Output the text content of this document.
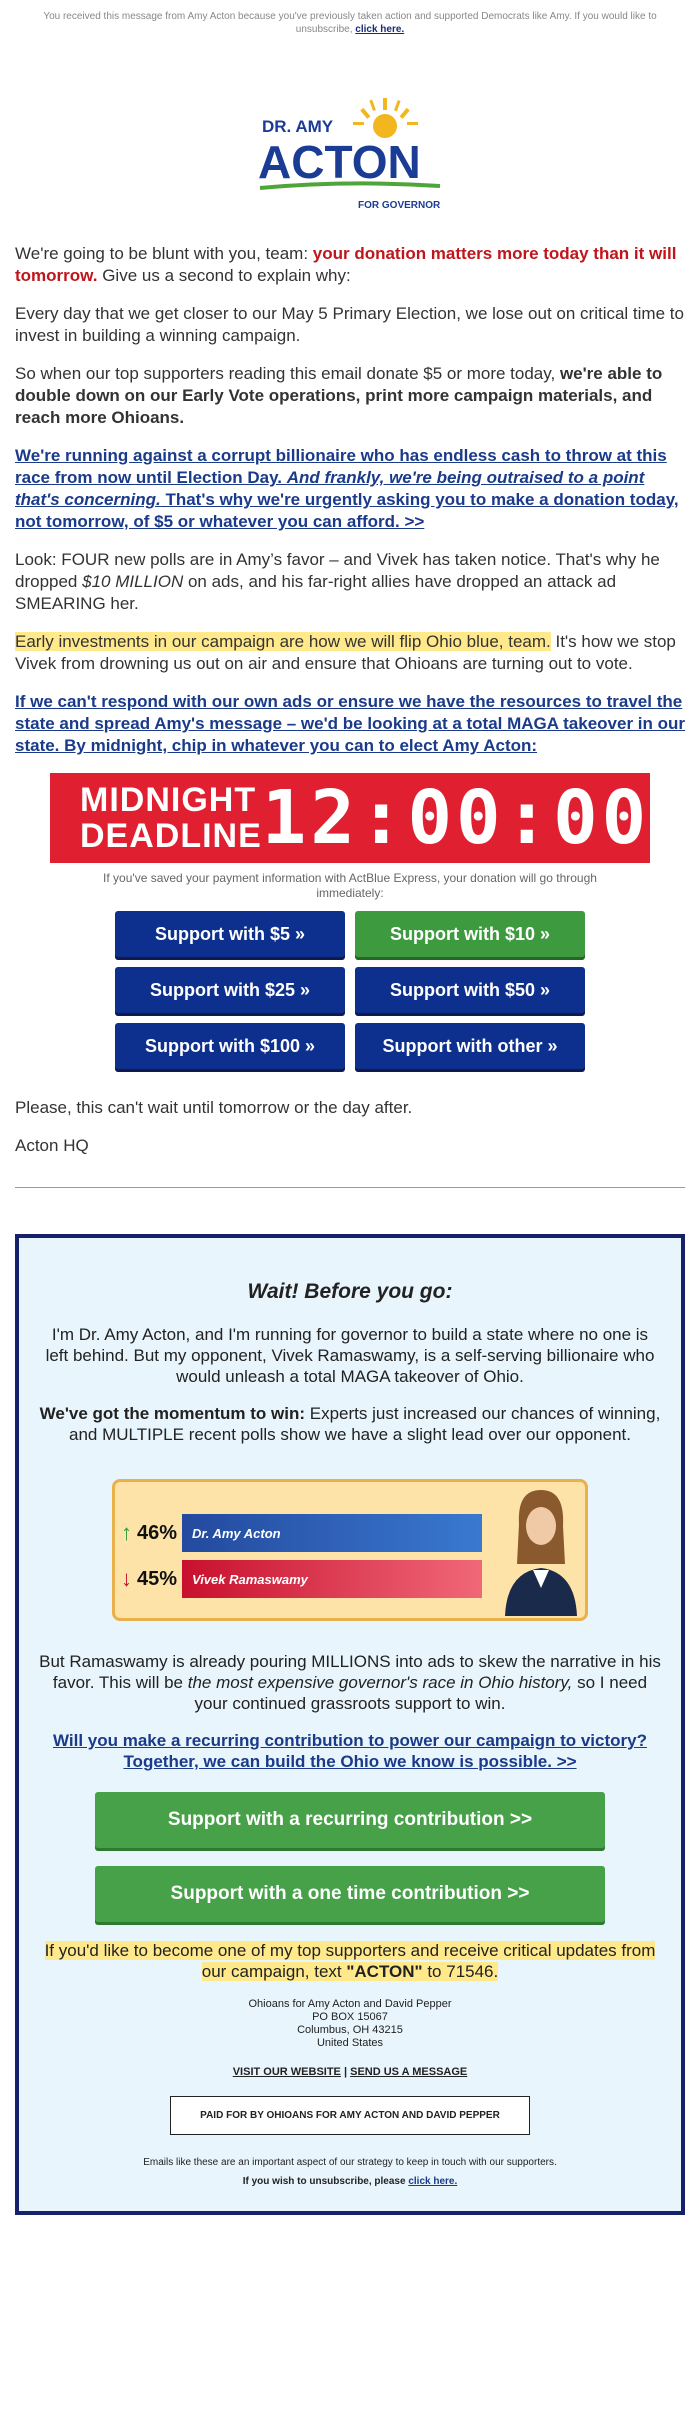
You received this message from Amy Acton because you've previously taken action and supported Democrats like Amy. If you would like to unsubscribe, click here.
DR. AMY
ACTON
FOR GOVERNOR

We're going to be blunt with you, team: your donation matters more today than it will tomorrow. Give us a second to explain why:

Every day that we get closer to our May 5 Primary Election, we lose out on critical time to invest in building a winning campaign.

So when our top supporters reading this email donate $5 or more today, we're able to double down on our Early Vote operations, print more campaign materials, and reach more Ohioans.

We're running against a corrupt billionaire who has endless cash to throw at this race from now until Election Day. And frankly, we're being outraised to a point that's concerning. That's why we're urgently asking you to make a donation today, not tomorrow, of $5 or whatever you can afford. >>

Look: FOUR new polls are in Amy’s favor – and Vivek has taken notice. That's why he dropped $10 MILLION on ads, and his far-right allies have dropped an attack ad SMEARING her.

Early investments in our campaign are how we will flip Ohio blue, team. It's how we stop Vivek from drowning us out on air and ensure that Ohioans are turning out to vote.

If we can't respond with our own ads or ensure we have the resources to travel the state and spread Amy's message – we'd be looking at a total MAGA takeover in our state. By midnight, chip in whatever you can to elect Amy Acton:

MIDNIGHT
DEADLINE 12:00:00
If you've saved your payment information with ActBlue Express, your donation will go through immediately:
Support with $5 »	Support with $10 »
Support with $25 »	Support with $50 »
Support with $100 »	Support with other »

Please, this can't wait until tomorrow or the day after.

Acton HQ

Wait! Before you go:

I'm Dr. Amy Acton, and I'm running for governor to build a state where no one is left behind. But my opponent, Vivek Ramaswamy, is a self-serving billionaire who would unleash a total MAGA takeover of Ohio.

We've got the momentum to win: Experts just increased our chances of winning, and MULTIPLE recent polls show we have a slight lead over our opponent.

↑ 46%	Dr. Amy Acton
↓ 45%	Vivek Ramaswamy

But Ramaswamy is already pouring MILLIONS into ads to skew the narrative in his favor. This will be the most expensive governor's race in Ohio history, so I need your continued grassroots support to win.

Will you make a recurring contribution to power our campaign to victory? Together, we can build the Ohio we know is possible. >>

Support with a recurring contribution >>
Support with a one time contribution >>

If you'd like to become one of my top supporters and receive critical updates from our campaign, text "ACTON" to 71546.

Ohioans for Amy Acton and David Pepper
PO BOX 15067
Columbus, OH 43215
United States
VISIT OUR WEBSITE | SEND US A MESSAGE
PAID FOR BY OHIOANS FOR AMY ACTON AND DAVID PEPPER
Emails like these are an important aspect of our strategy to keep in touch with our supporters.
If you wish to unsubscribe, please click here.
